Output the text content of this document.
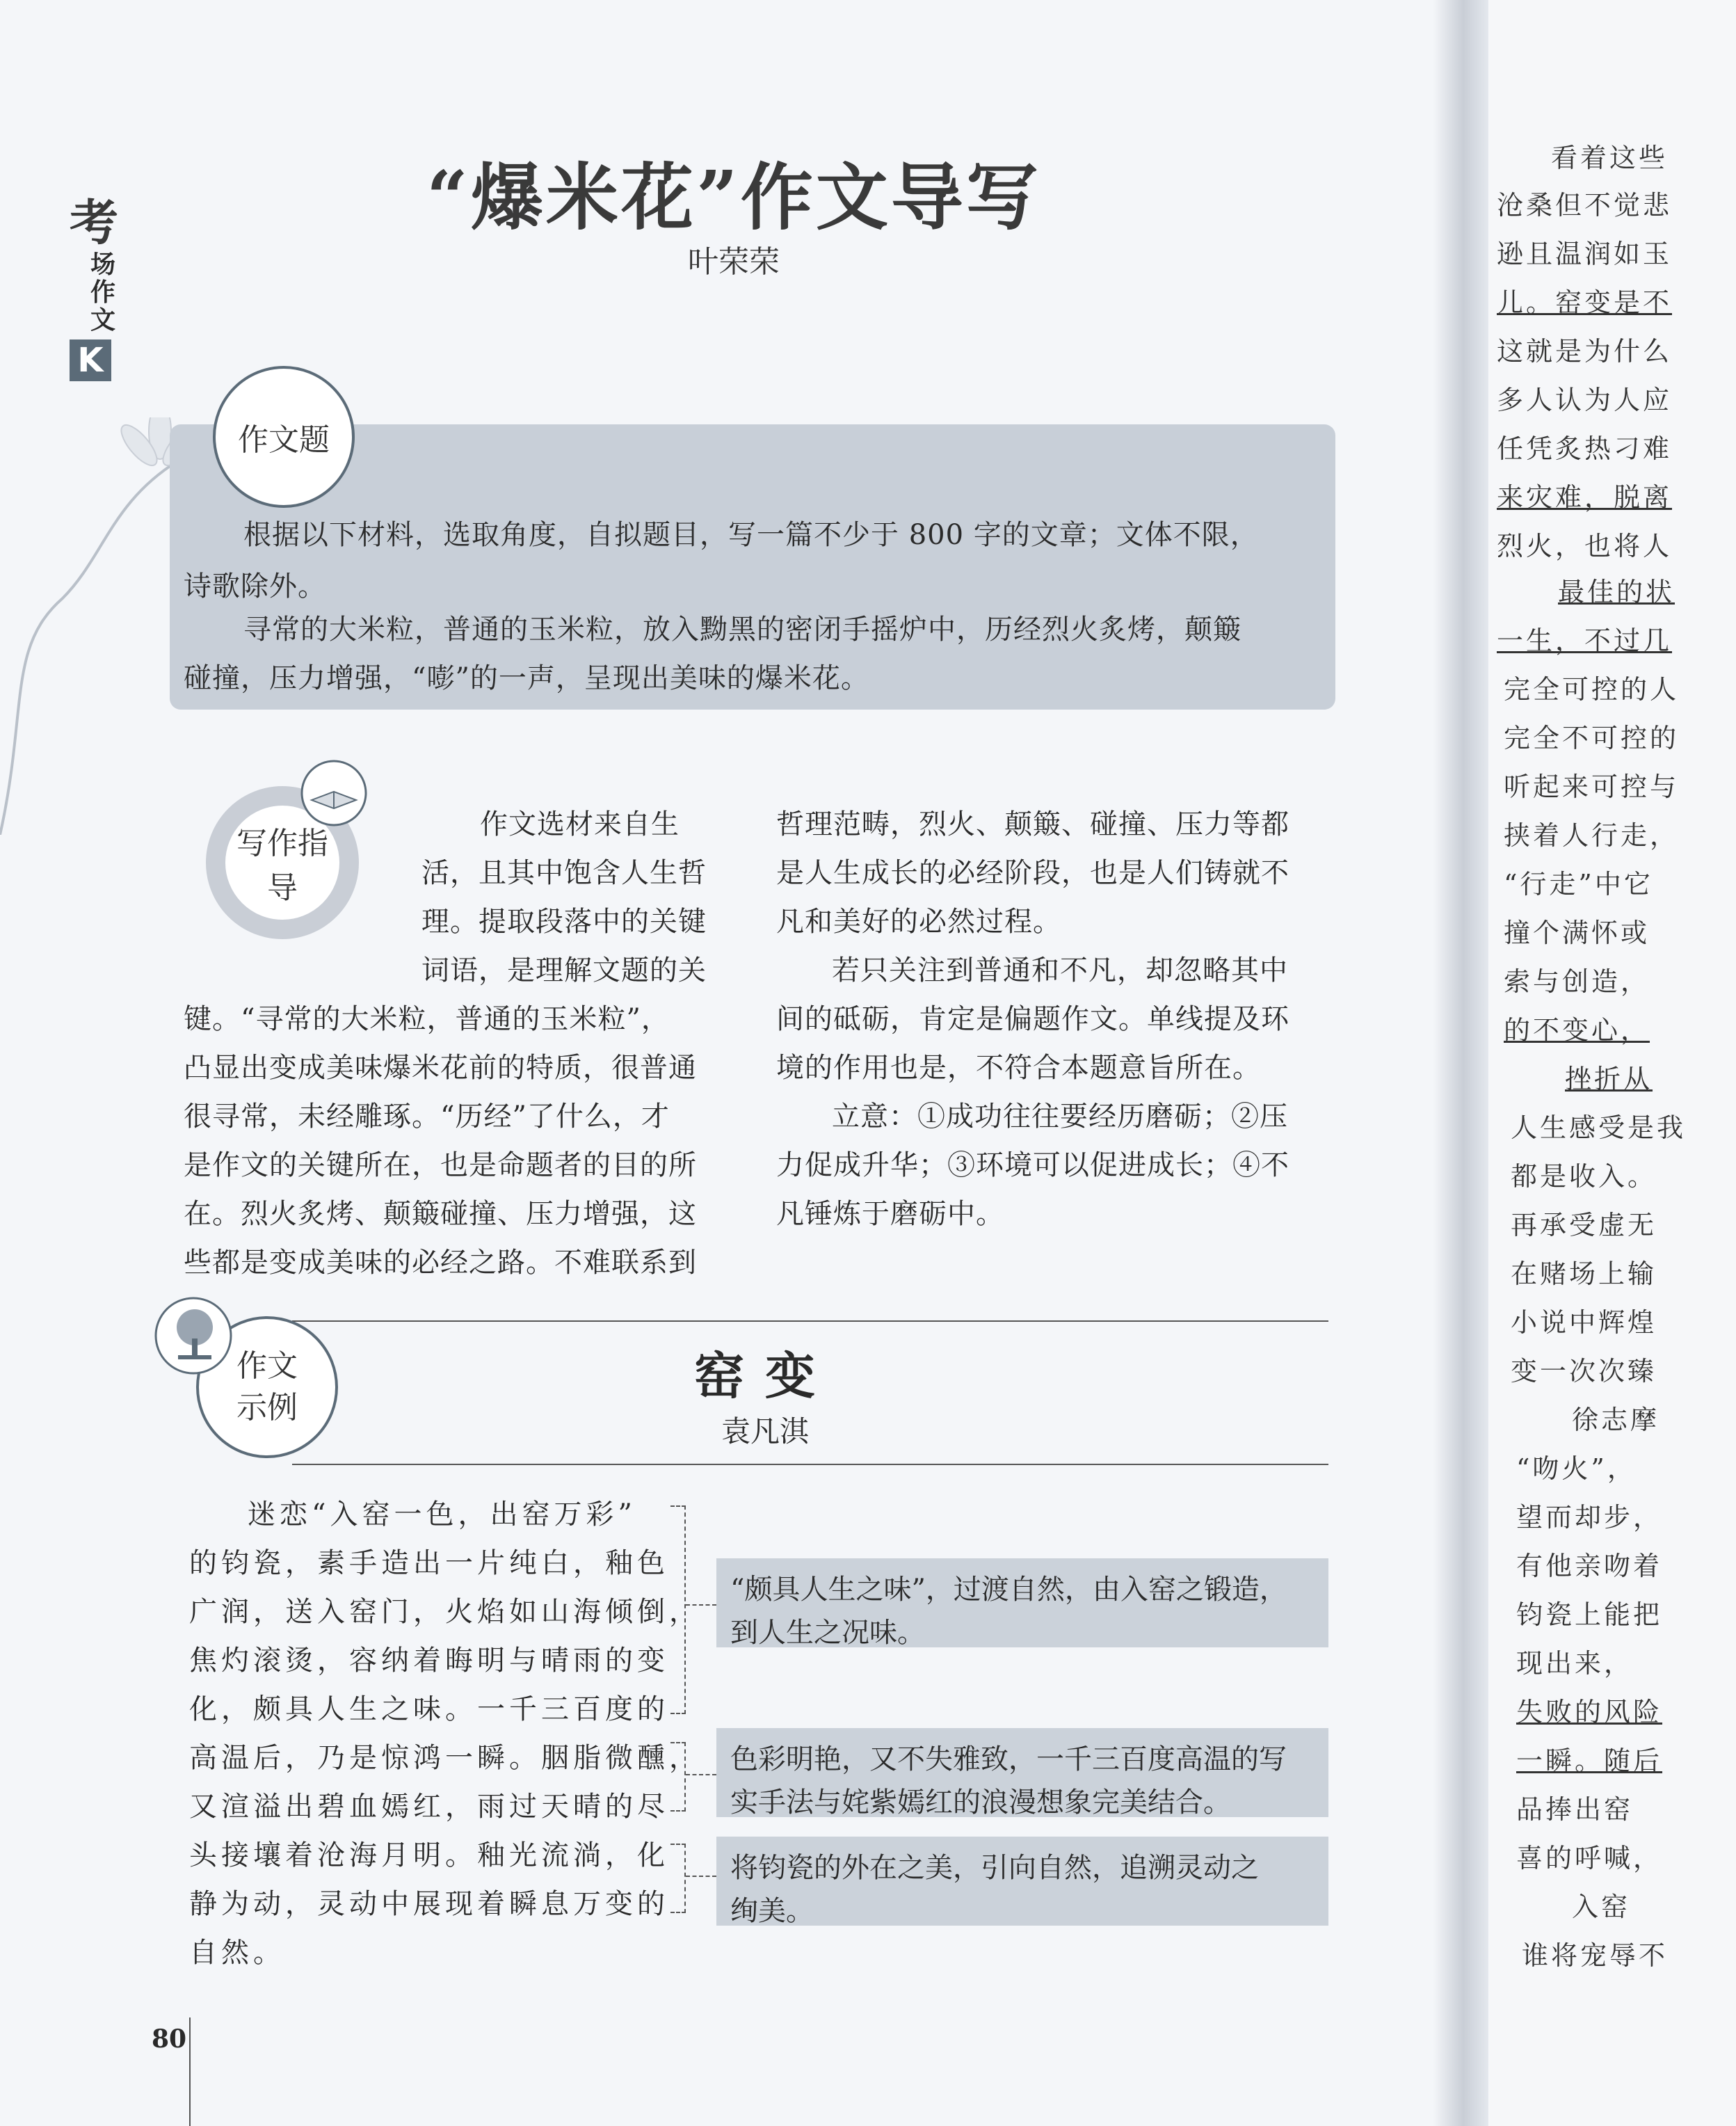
考
场作文
K
“爆米花”作文导写
叶荣荣
作文题
根据以下材料，选取角度，自拟题目，写一篇不少于 800 字的文章；文体不限，
诗歌除外。
寻常的大米粒，普通的玉米粒，放入黝黑的密闭手摇炉中，历经烈火炙烤，颠簸
碰撞，压力增强，“嘭”的一声，呈现出美味的爆米花。
写作指导
作文选材来自生
活，且其中饱含人生哲
理。提取段落中的关键
词语，是理解文题的关
键。“寻常的大米粒，普通的玉米粒”，
凸显出变成美味爆米花前的特质，很普通
很寻常，未经雕琢。“历经”了什么，才
是作文的关键所在，也是命题者的目的所
在。烈火炙烤、颠簸碰撞、压力增强，这
些都是变成美味的必经之路。不难联系到
哲理范畴，烈火、颠簸、碰撞、压力等都
是人生成长的必经阶段，也是人们铸就不
凡和美好的必然过程。
若只关注到普通和不凡，却忽略其中
间的砥砺，肯定是偏题作文。单线提及环
境的作用也是，不符合本题意旨所在。
立意：①成功往往要经历磨砺；②压
力促成升华；③环境可以促进成长；④不
凡锤炼于磨砺中。
作文
示例
窑变
袁凡淇
迷恋“入窑一色，出窑万彩”
的钧瓷，素手造出一片纯白，釉色
广润，送入窑门，火焰如山海倾倒，
焦灼滚烫，容纳着晦明与晴雨的变
化，颇具人生之味。一千三百度的
高温后，乃是惊鸿一瞬。胭脂微醺，
又渲溢出碧血嫣红，雨过天晴的尽
头接壤着沧海月明。釉光流淌，化
静为动，灵动中展现着瞬息万变的
自然。
“颇具人生之味”，过渡自然，由入窑之锻造，
到人生之况味。
色彩明艳，又不失雅致，一千三百度高温的写
实手法与姹紫嫣红的浪漫想象完美结合。
将钧瓷的外在之美，引向自然，追溯灵动之
绚美。
80
看着这些
沧桑但不觉悲
逊且温润如玉
儿。窑变是不
这就是为什么
多人认为人应
任凭炙热刁难
来灾难，脱离
烈火，也将人
最佳的状
一生，不过几
完全可控的人
完全不可控的
听起来可控与
挟着人行走，
“行走”中它
撞个满怀或
索与创造，
的不变心，
挫折从
人生感受是我
都是收入。
再承受虚无
在赌场上输
小说中辉煌
变一次次臻
徐志摩
“吻火”，
望而却步，
有他亲吻着
钧瓷上能把
现出来，
失败的风险
一瞬。随后
品捧出窑
喜的呼喊，
入窑
谁将宠辱不
